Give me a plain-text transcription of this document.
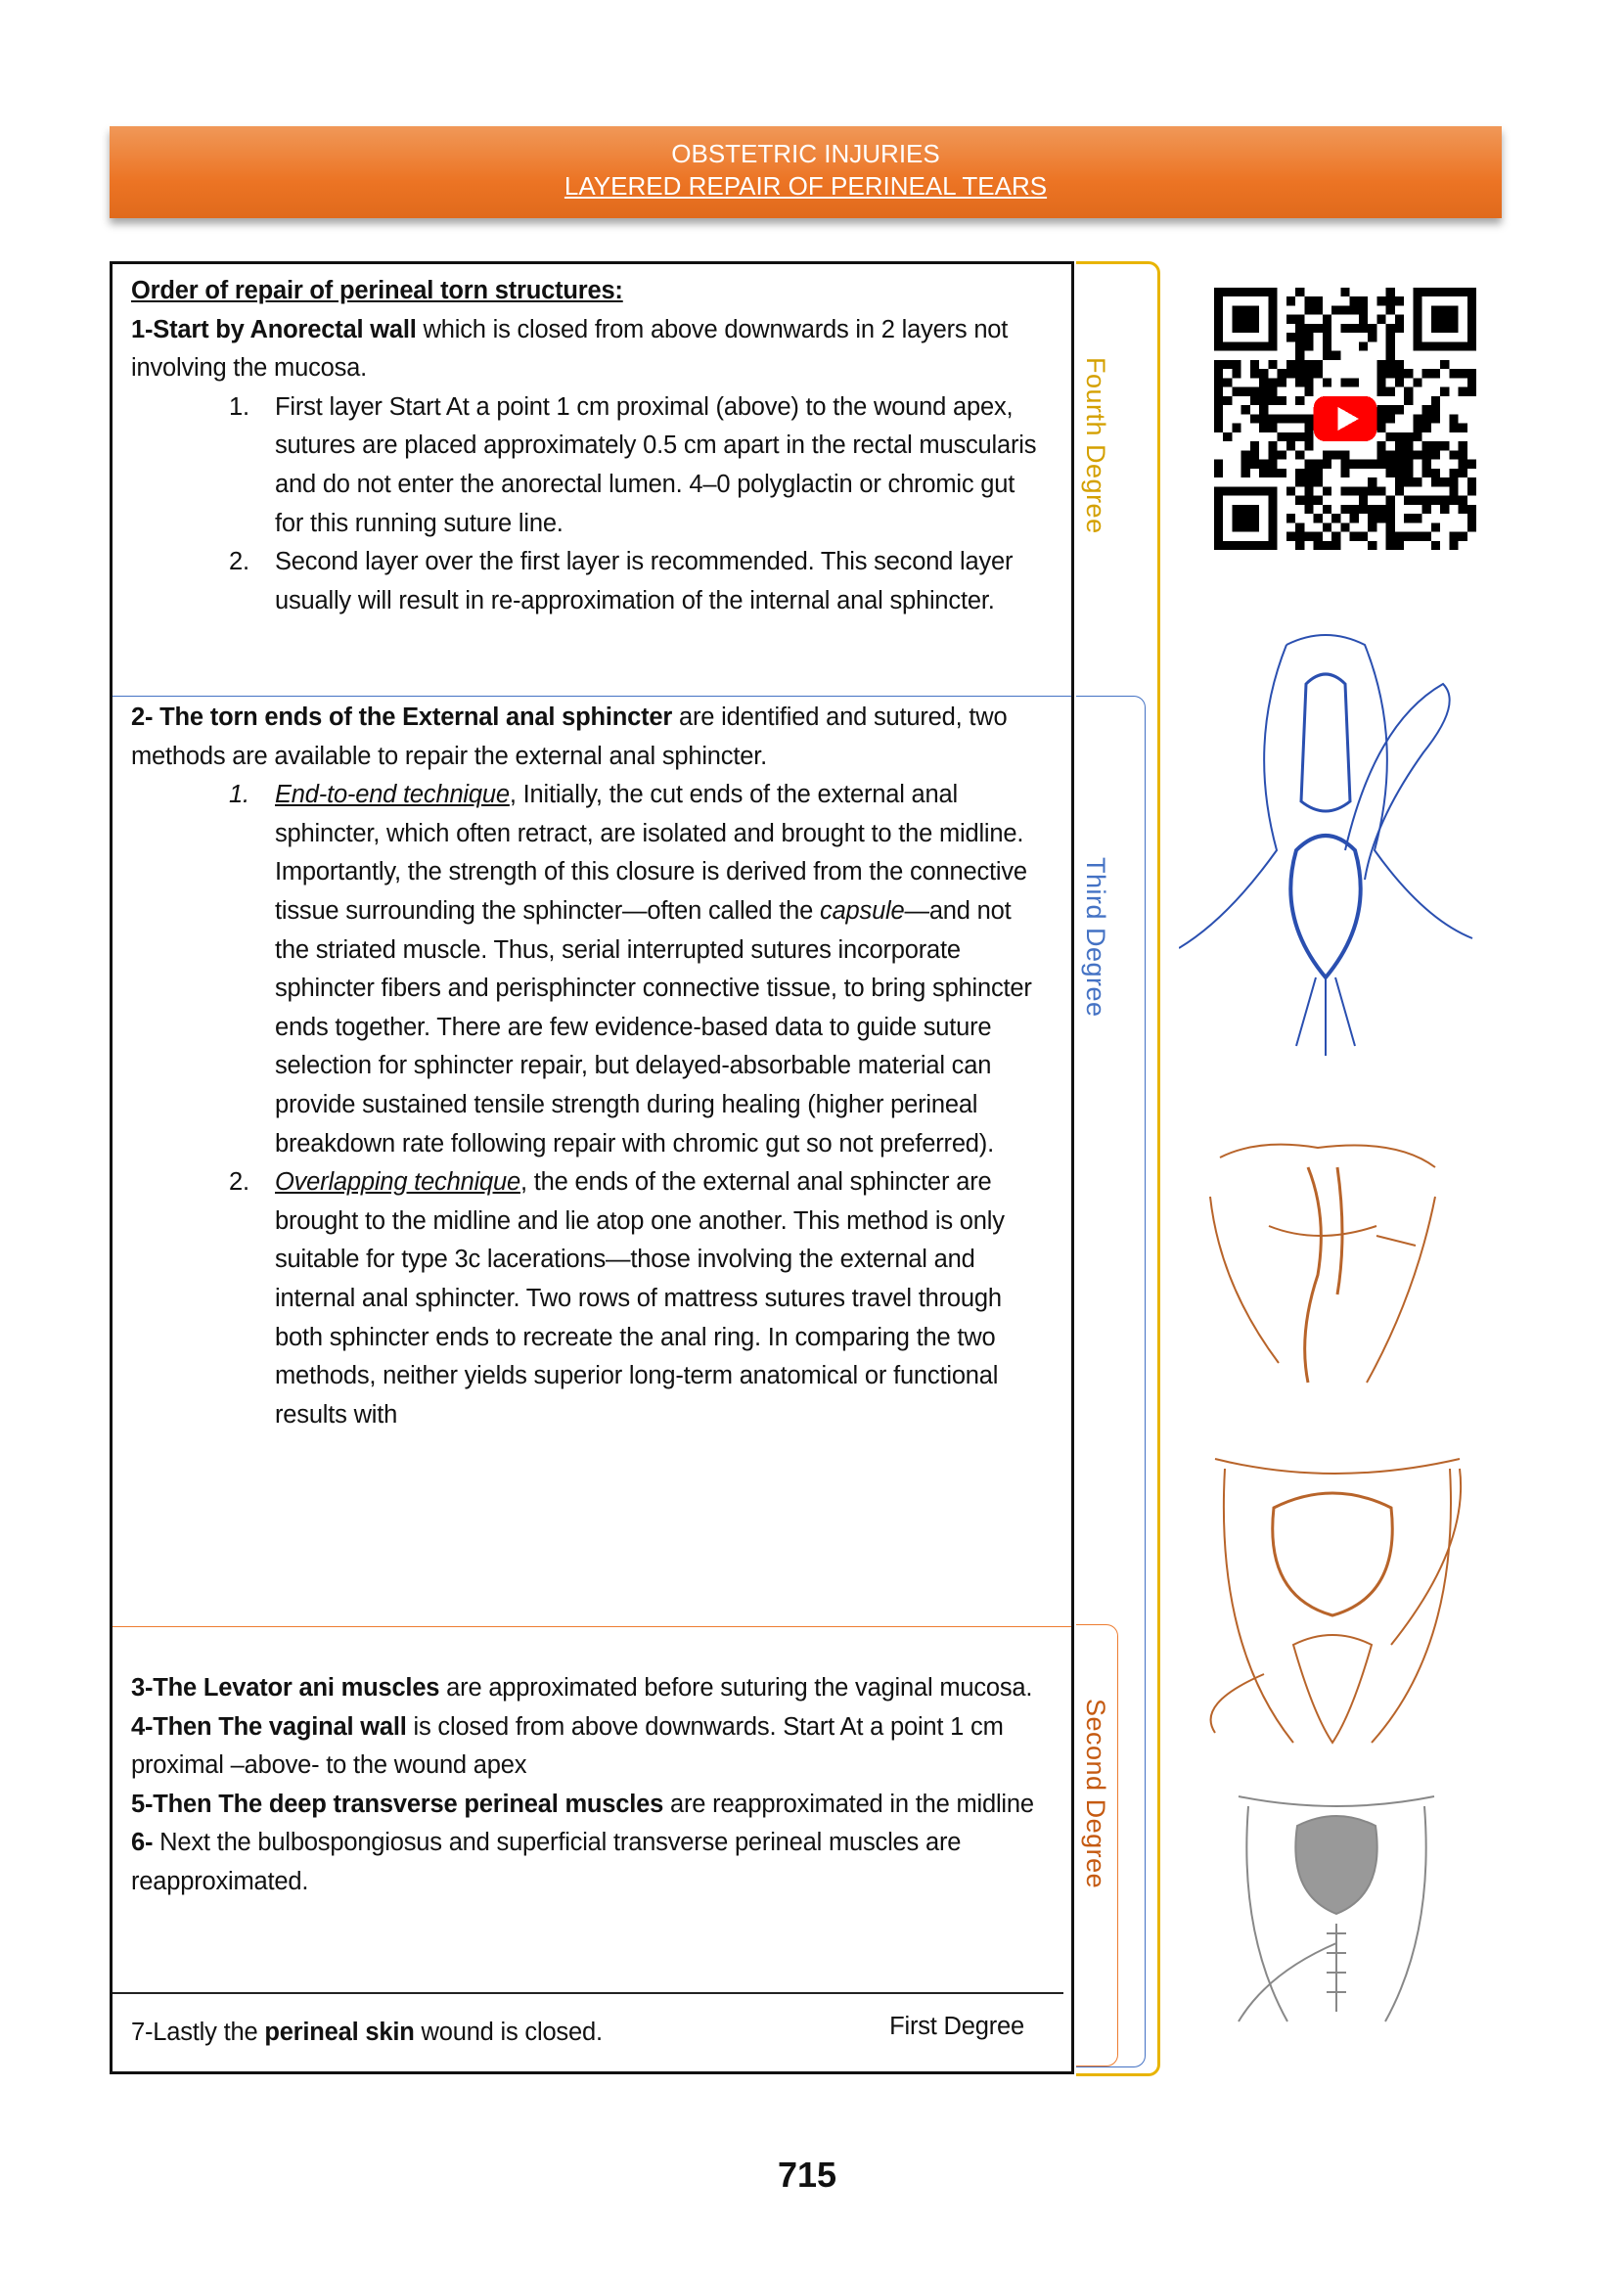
OBSTETRIC INJURIES
LAYERED REPAIR OF PERINEAL TEARS

Order of repair of perineal torn structures:

1-Start by Anorectal wall which is closed from above downwards in 2 layers not involving the mucosa.

1. First layer Start At a point 1 cm proximal (above) to the wound apex, sutures are placed approximately 0.5 cm apart in the rectal muscularis and do not enter the anorectal lumen. 4–0 polyglactin or chromic gut for this running suture line.
2. Second layer over the first layer is recommended. This second layer usually will result in re-approximation of the internal anal sphincter.

2- The torn ends of the External anal sphincter are identified and sutured, two methods are available to repair the external anal sphincter.

1. End-to-end technique, Initially, the cut ends of the external anal sphincter, which often retract, are isolated and brought to the midline. Importantly, the strength of this closure is derived from the connective tissue surrounding the sphincter—often called the capsule—and not the striated muscle. Thus, serial interrupted sutures incorporate sphincter fibers and perisphincter connective tissue, to bring sphincter ends together. There are few evidence-based data to guide suture selection for sphincter repair, but delayed-absorbable material can provide sustained tensile strength during healing (higher perineal breakdown rate following repair with chromic gut so not preferred).
2. Overlapping technique, the ends of the external anal sphincter are brought to the midline and lie atop one another. This method is only suitable for type 3c lacerations—those involving the external and internal anal sphincter. Two rows of mattress sutures travel through both sphincter ends to recreate the anal ring. In comparing the two methods, neither yields superior long-term anatomical or functional results with

3-The Levator ani muscles are approximated before suturing the vaginal mucosa.

4-Then The vaginal wall is closed from above downwards. Start At a point 1 cm proximal –above- to the wound apex

5-Then The deep transverse perineal muscles are reapproximated in the midline

6- Next the bulbospongiosus and superficial transverse perineal muscles are reapproximated.

7-Lastly the perineal skin wound is closed.	First Degree
Fourth Degree
Third Degree
Second Degree
715
